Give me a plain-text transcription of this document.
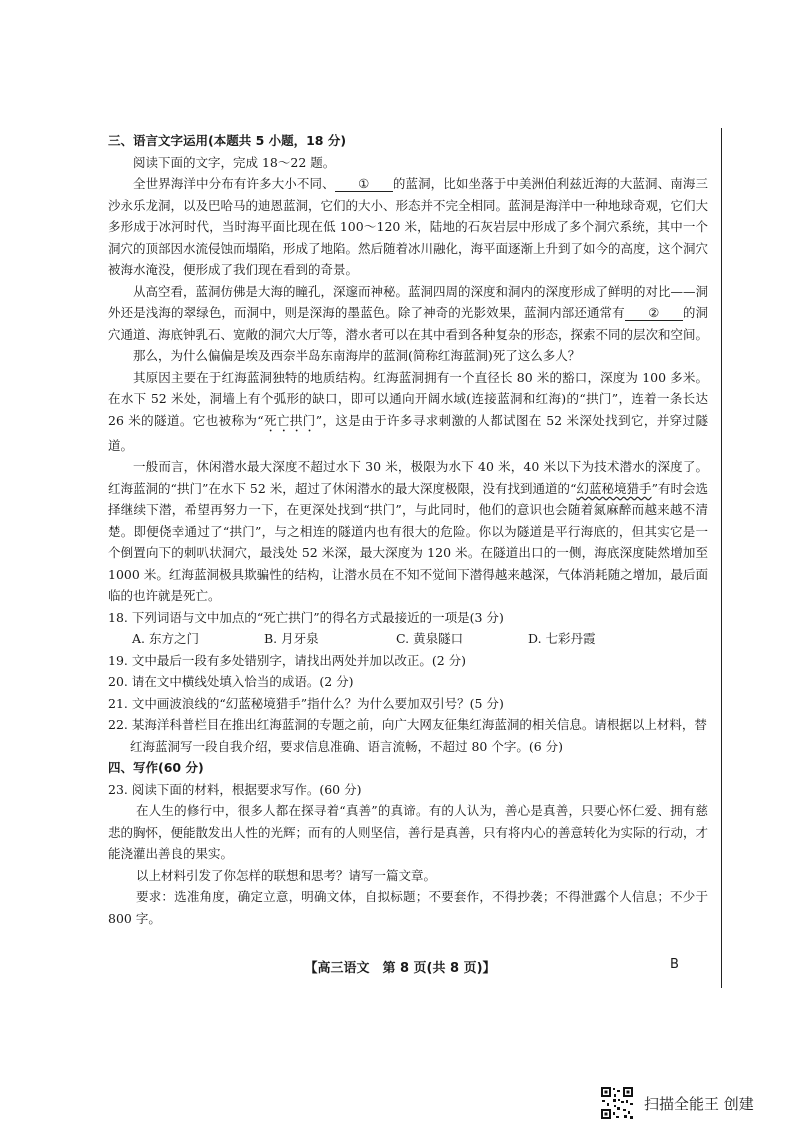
三、语言文字运用(本题共 5 小题，18 分)

阅读下面的文字，完成 18～22 题。

全世界海洋中分布有许多大小不同、 ① 的蓝洞，比如坐落于中美洲伯利兹近海的大蓝洞、南海三沙永乐龙洞，以及巴哈马的迪恩蓝洞，它们的大小、形态并不完全相同。蓝洞是海洋中一种地球奇观，它们大多形成于冰河时代，当时海平面比现在低 100～120 米，陆地的石灰岩层中形成了多个洞穴系统，其中一个洞穴的顶部因水流侵蚀而塌陷，形成了地陷。然后随着冰川融化，海平面逐渐上升到了如今的高度，这个洞穴被海水淹没，便形成了我们现在看到的奇景。

从高空看，蓝洞仿佛是大海的瞳孔，深邃而神秘。蓝洞四周的深度和洞内的深度形成了鲜明的对比——洞外还是浅海的翠绿色，而洞中，则是深海的墨蓝色。除了神奇的光影效果，蓝洞内部还通常有 ② 的洞穴通道、海底钟乳石、宽敞的洞穴大厅等，潜水者可以在其中看到各种复杂的形态，探索不同的层次和空间。

那么，为什么偏偏是埃及西奈半岛东南海岸的蓝洞(简称红海蓝洞)死了这么多人？

其原因主要在于红海蓝洞独特的地质结构。红海蓝洞拥有一个直径长 80 米的豁口，深度为 100 多米。在水下 52 米处，洞墙上有个弧形的缺口，即可以通向开阔水域(连接蓝洞和红海)的“拱门”，连着一条长达 26 米的隧道。它也被称为“死亡拱门”，这是由于许多寻求刺激的人都试图在 52 米深处找到它，并穿过隧道。

一般而言，休闲潜水最大深度不超过水下 30 米，极限为水下 40 米，40 米以下为技术潜水的深度了。红海蓝洞的“拱门”在水下 52 米，超过了休闲潜水的最大深度极限，没有找到通道的“幻蓝秘境猎手”有时会选择继续下潜，希望再努力一下，在更深处找到“拱门”，与此同时，他们的意识也会随着氮麻醉而越来越不清楚。即便侥幸通过了“拱门”，与之相连的隧道内也有很大的危险。你以为隧道是平行海底的，但其实它是一个倒置向下的刺叭状洞穴，最浅处 52 米深，最大深度为 120 米。在隧道出口的一侧，海底深度陡然增加至 1000 米。红海蓝洞极具欺骗性的结构，让潜水员在不知不觉间下潜得越来越深，气体消耗随之增加，最后面临的也许就是死亡。

18. 下列词语与文中加点的“死亡拱门”的得名方式最接近的一项是(3 分)

A. 东方之门	B. 月牙泉	C. 黄泉隧口	D. 七彩丹霞

19. 文中最后一段有多处错别字，请找出两处并加以改正。(2 分)

20. 请在文中横线处填入恰当的成语。(2 分)

21. 文中画波浪线的“幻蓝秘境猎手”指什么？为什么要加双引号？(5 分)

22. 某海洋科普栏目在推出红海蓝洞的专题之前，向广大网友征集红海蓝洞的相关信息。请根据以上材料，替红海蓝洞写一段自我介绍，要求信息准确、语言流畅，不超过 80 个字。(6 分)

四、写作(60 分)

23. 阅读下面的材料，根据要求写作。(60 分)

在人生的修行中，很多人都在探寻着“真善”的真谛。有的人认为，善心是真善，只要心怀仁爱、拥有慈悲的胸怀，便能散发出人性的光辉；而有的人则坚信，善行是真善，只有将内心的善意转化为实际的行动，才能浇灌出善良的果实。

以上材料引发了你怎样的联想和思考？请写一篇文章。

要求：选准角度，确定立意，明确文体，自拟标题；不要套作，不得抄袭；不得泄露个人信息；不少于 800 字。

【高三语文　第 8 页(共 8 页)】	B
扫描全能王 创建
